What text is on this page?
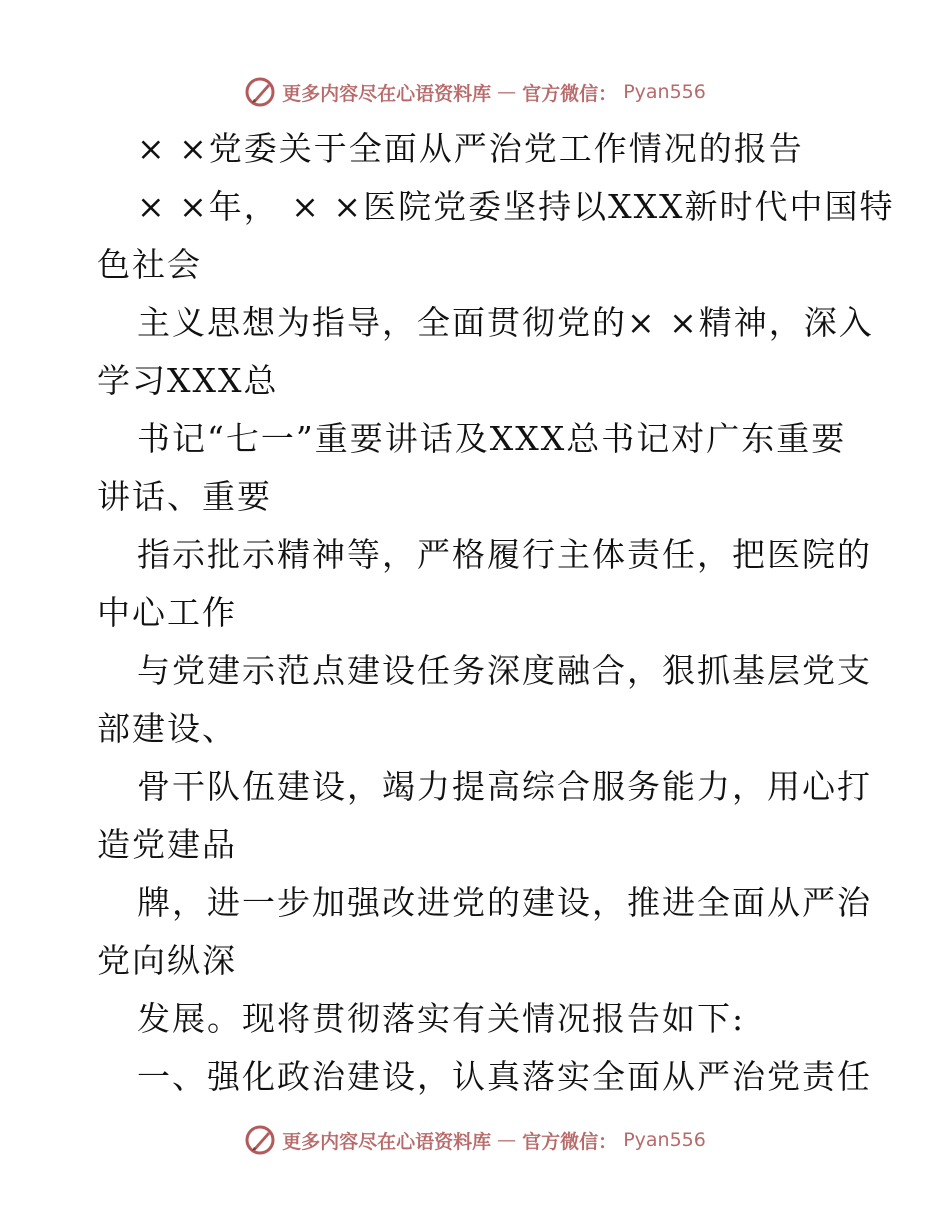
更多内容尽在心语资料库 — 官方微信： Pyan556

× ×党委关于全面从严治党工作情况的报告

× ×年， × ×医院党委坚持以XXX新时代中国特

色社会

主义思想为指导，全面贯彻党的× ×精神，深入

学习XXX总

书记“七一”重要讲话及XXX总书记对广东重要

讲话、重要

指示批示精神等，严格履行主体责任，把医院的

中心工作

与党建示范点建设任务深度融合，狠抓基层党支

部建设、

骨干队伍建设，竭力提高综合服务能力，用心打

造党建品

牌，进一步加强改进党的建设，推进全面从严治

党向纵深

发展。现将贯彻落实有关情况报告如下:

一、强化政治建设，认真落实全面从严治党责任

更多内容尽在心语资料库 — 官方微信： Pyan556
